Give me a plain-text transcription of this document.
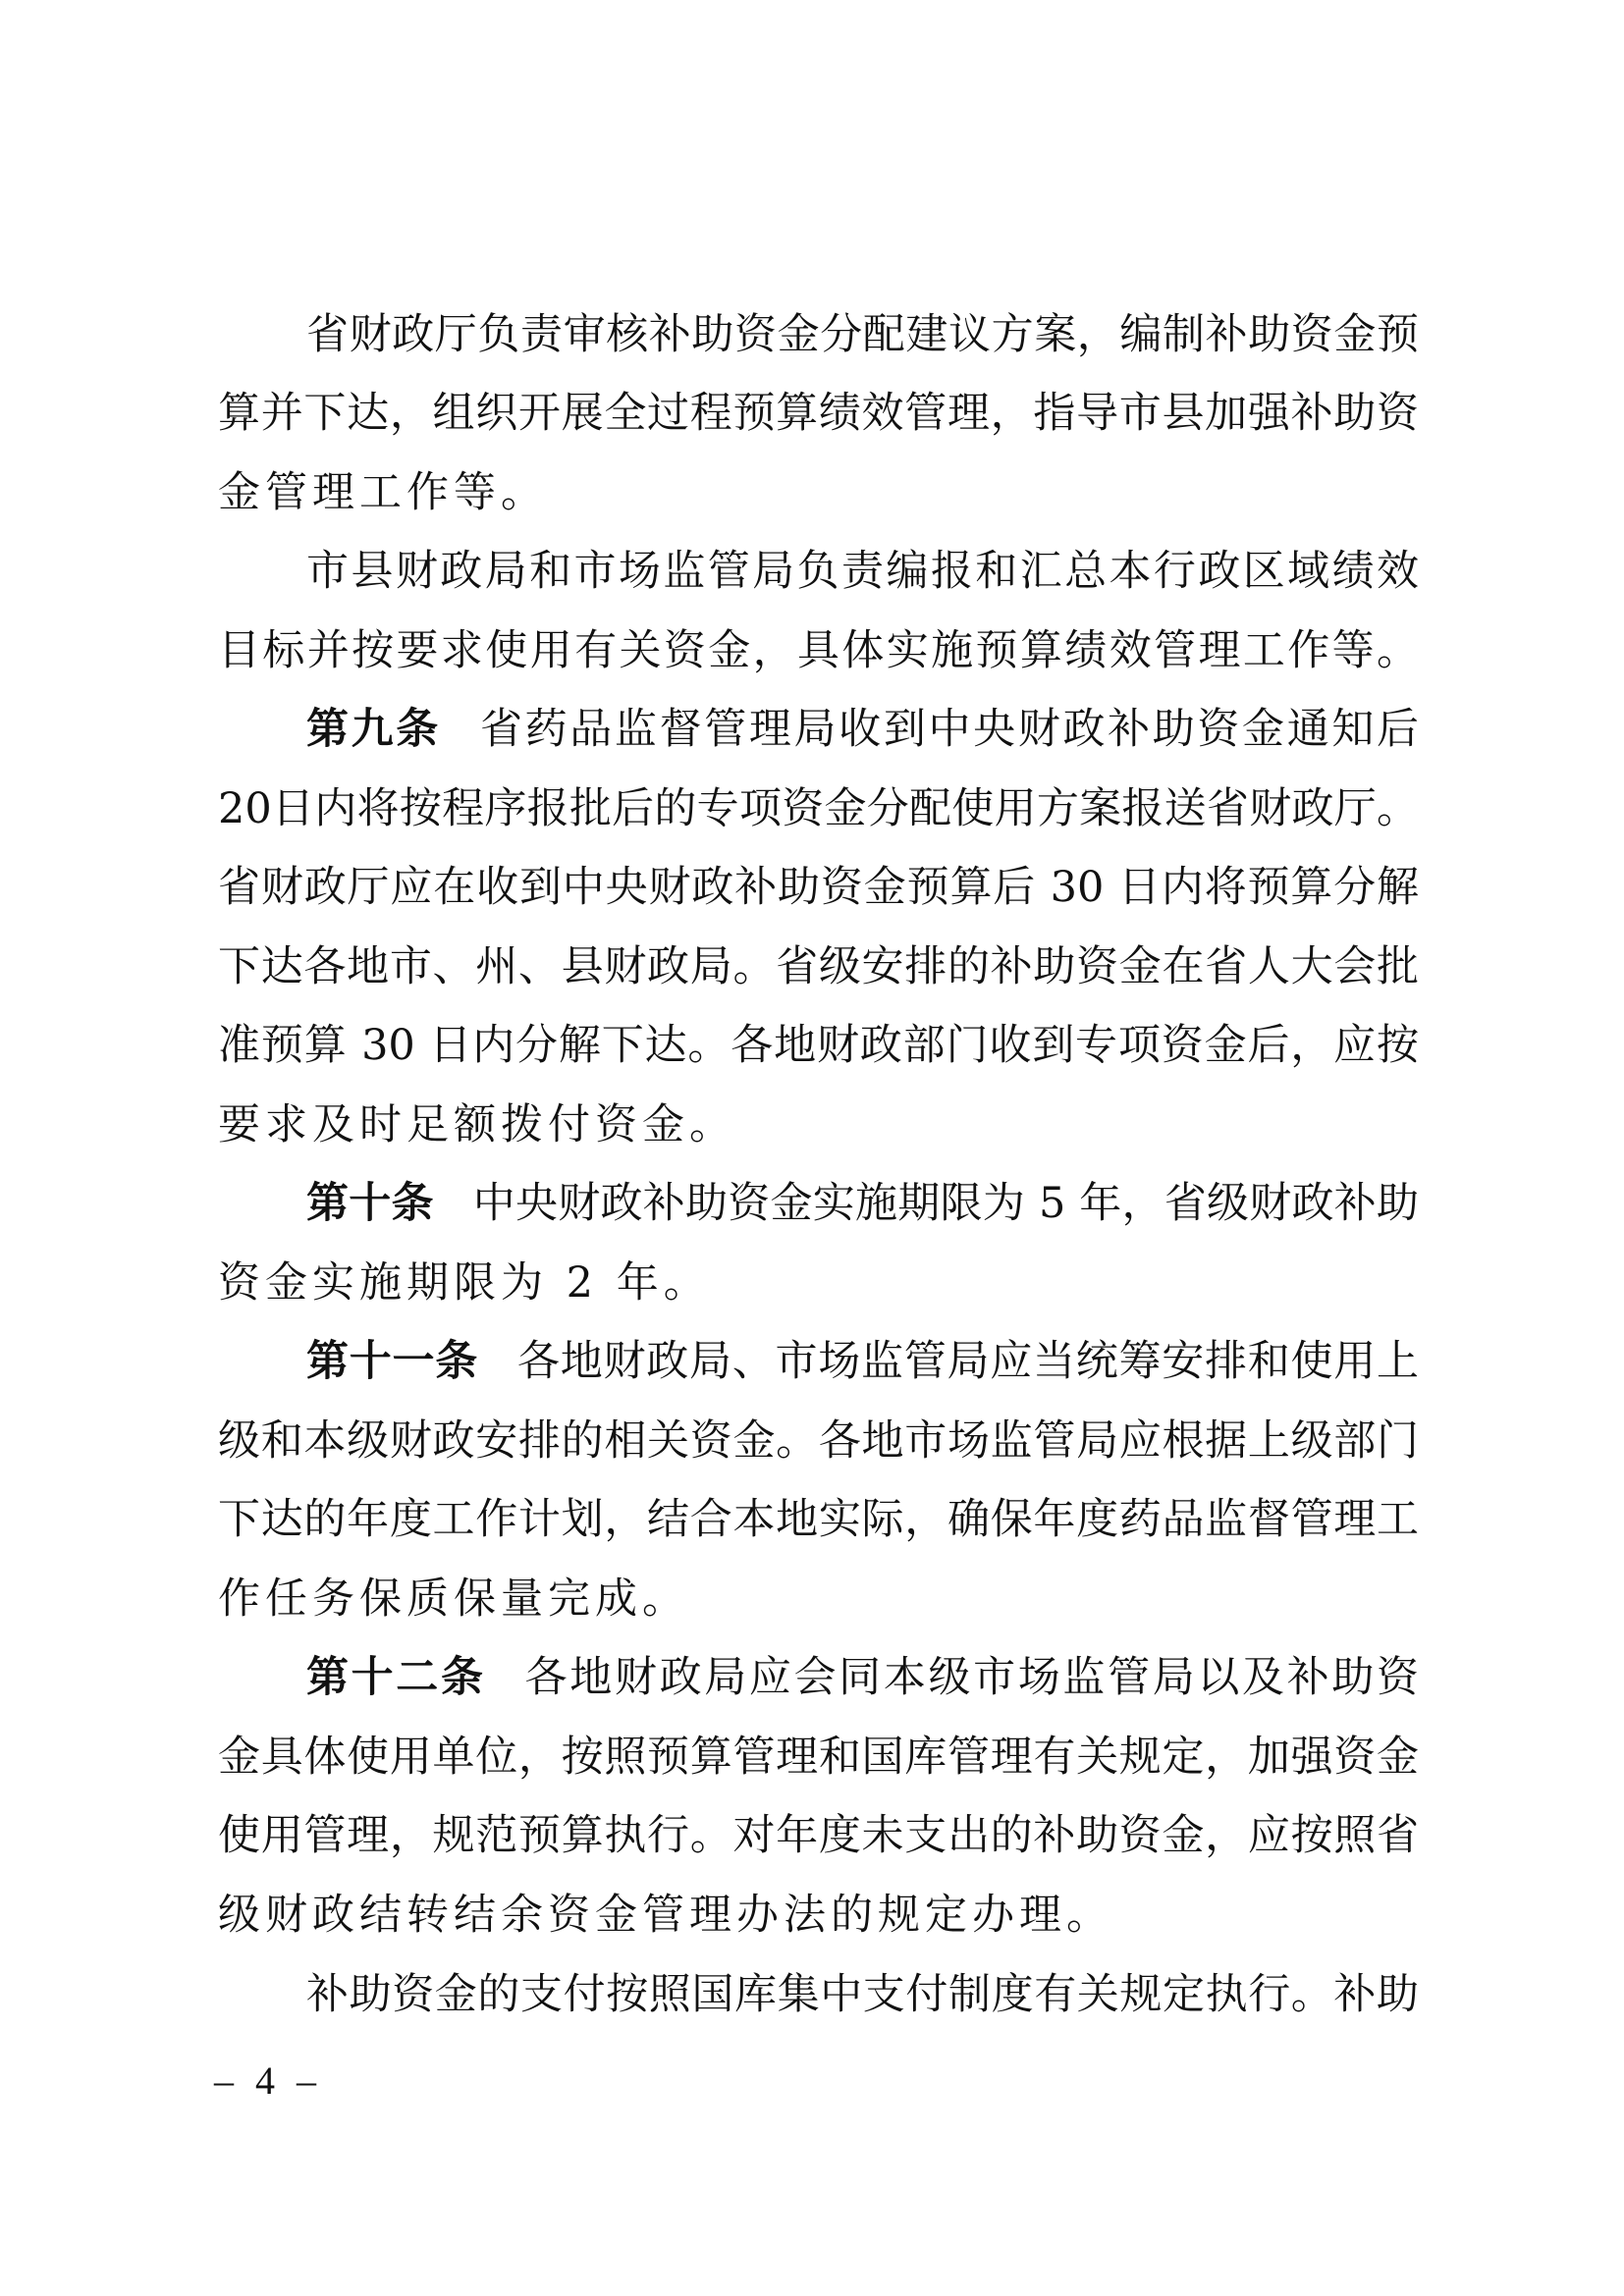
省财政厅负责审核补助资金分配建议方案，编制补助资金预
算并下达，组织开展全过程预算绩效管理，指导市县加强补助资
金管理工作等。
市县财政局和市场监管局负责编报和汇总本行政区域绩效
目标并按要求使用有关资金，具体实施预算绩效管理工作等。
第九条 省药品监督管理局收到中央财政补助资金通知后
20日内将按程序报批后的专项资金分配使用方案报送省财政厅。
省财政厅应在收到中央财政补助资金预算后 30 日内将预算分解
下达各地市、州、县财政局。省级安排的补助资金在省人大会批
准预算 30 日内分解下达。各地财政部门收到专项资金后，应按
要求及时足额拨付资金。
第十条 中央财政补助资金实施期限为 5 年，省级财政补助
资金实施期限为 2 年。
第十一条 各地财政局、市场监管局应当统筹安排和使用上
级和本级财政安排的相关资金。各地市场监管局应根据上级部门
下达的年度工作计划，结合本地实际，确保年度药品监督管理工
作任务保质保量完成。
第十二条 各地财政局应会同本级市场监管局以及补助资
金具体使用单位，按照预算管理和国库管理有关规定，加强资金
使用管理，规范预算执行。对年度未支出的补助资金，应按照省
级财政结转结余资金管理办法的规定办理。
补助资金的支付按照国库集中支付制度有关规定执行。补助
– 4 –
